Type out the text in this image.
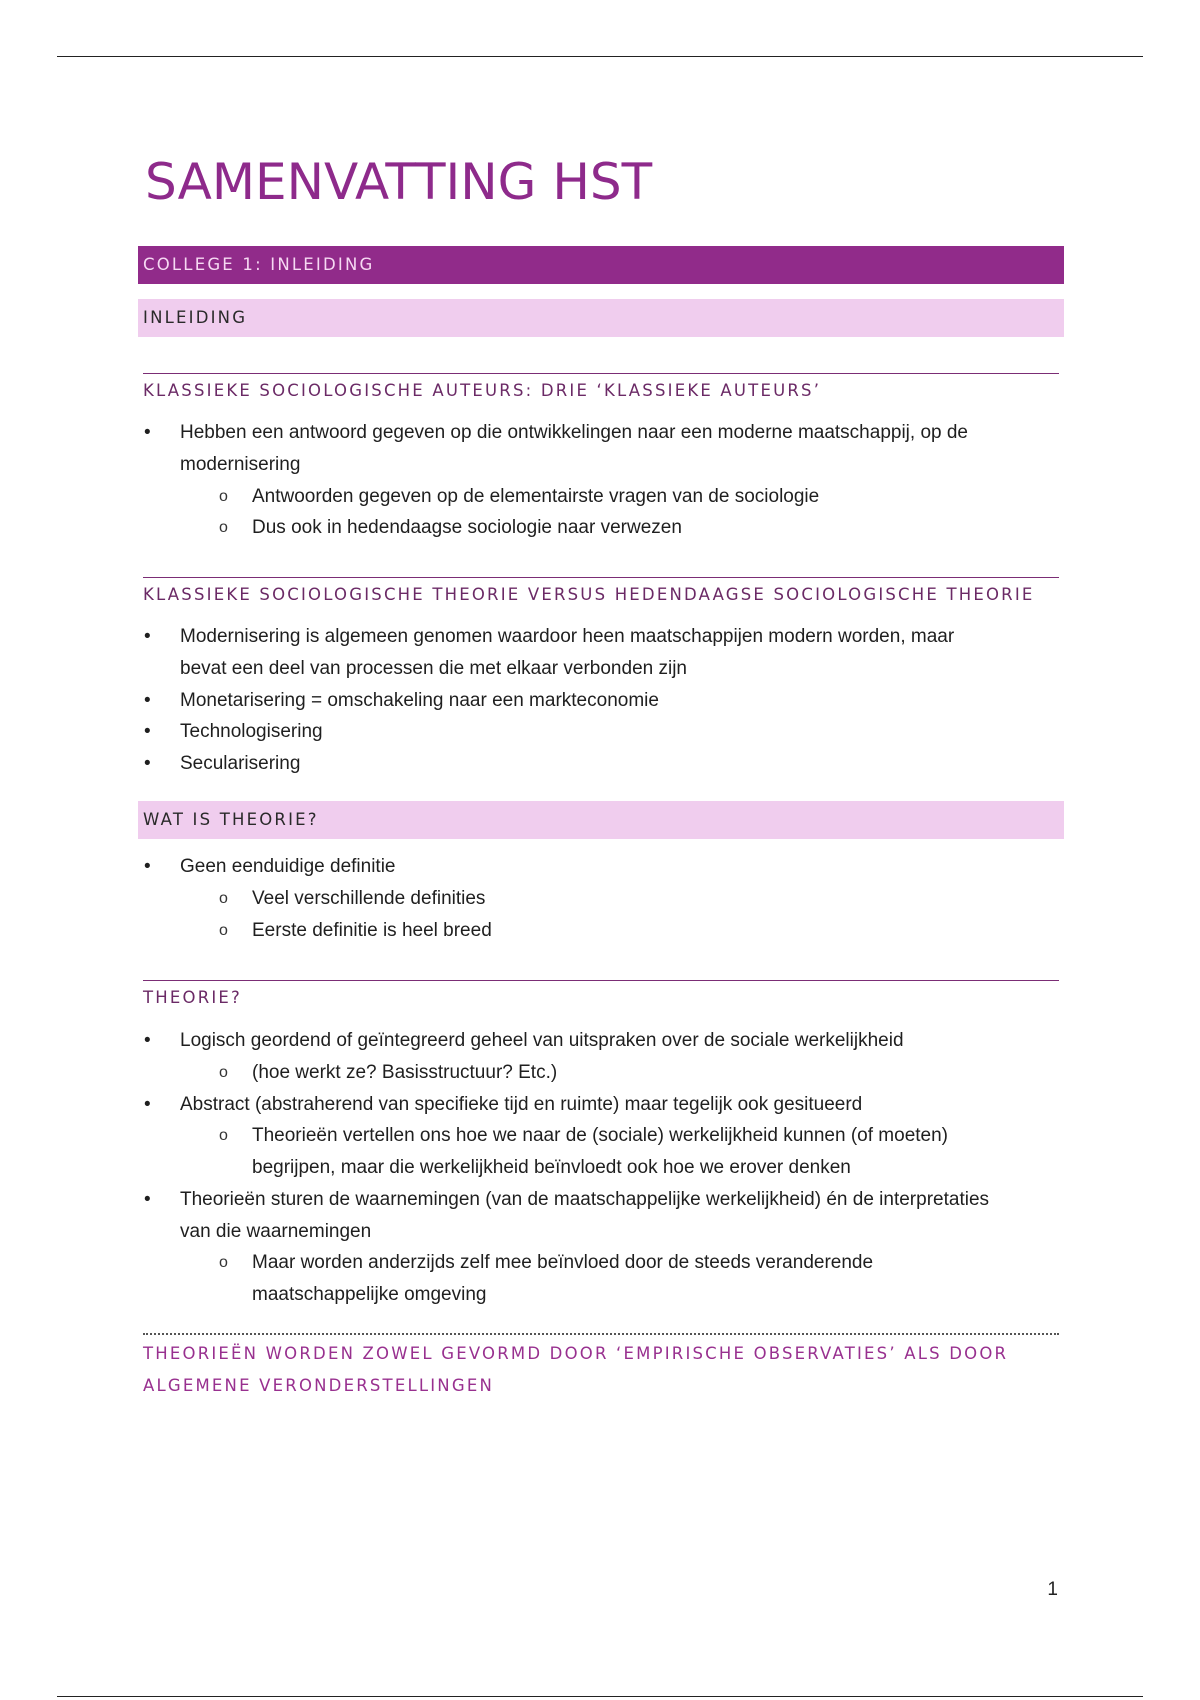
SAMENVATTING HST
COLLEGE 1: INLEIDING
INLEIDING
KLASSIEKE SOCIOLOGISCHE AUTEURS: DRIE ‘KLASSIEKE AUTEURS’
• Hebben een antwoord gegeven op die ontwikkelingen naar een moderne maatschappij, op de
modernisering
o Antwoorden gegeven op de elementairste vragen van de sociologie
o Dus ook in hedendaagse sociologie naar verwezen
KLASSIEKE SOCIOLOGISCHE THEORIE VERSUS HEDENDAAGSE SOCIOLOGISCHE THEORIE
• Modernisering is algemeen genomen waardoor heen maatschappijen modern worden, maar
bevat een deel van processen die met elkaar verbonden zijn
• Monetarisering = omschakeling naar een markteconomie
• Technologisering
• Secularisering
WAT IS THEORIE?
• Geen eenduidige definitie
o Veel verschillende definities
o Eerste definitie is heel breed
THEORIE?
• Logisch geordend of geïntegreerd geheel van uitspraken over de sociale werkelijkheid
o (hoe werkt ze? Basisstructuur? Etc.)
• Abstract (abstraherend van specifieke tijd en ruimte) maar tegelijk ook gesitueerd
o Theorieën vertellen ons hoe we naar de (sociale) werkelijkheid kunnen (of moeten)
begrijpen, maar die werkelijkheid beïnvloedt ook hoe we erover denken
• Theorieën sturen de waarnemingen (van de maatschappelijke werkelijkheid) én de interpretaties
van die waarnemingen
o Maar worden anderzijds zelf mee beïnvloed door de steeds veranderende
maatschappelijke omgeving
THEORIEËN WORDEN ZOWEL GEVORMD DOOR ‘EMPIRISCHE OBSERVATIES’ ALS DOOR
ALGEMENE VERONDERSTELLINGEN
1
